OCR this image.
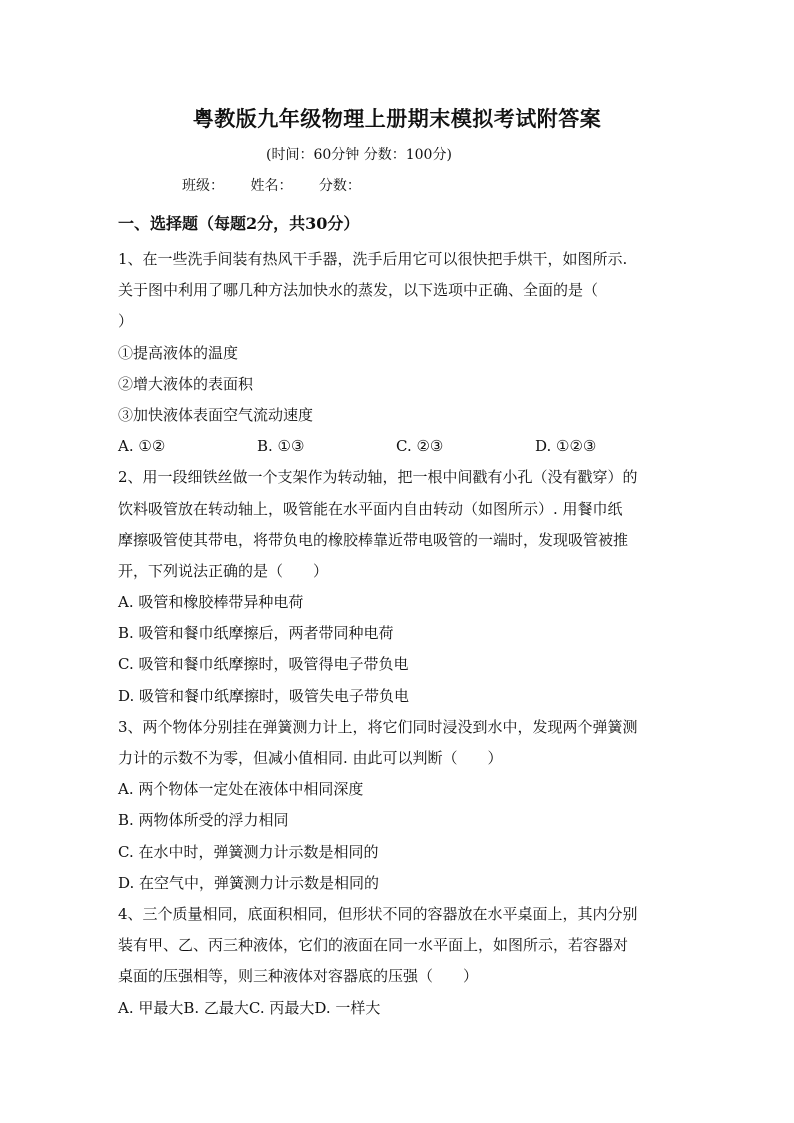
粤教版九年级物理上册期末模拟考试附答案
(时间：60分钟 分数：100分)
班级： 姓名： 分数：
一、选择题（每题2分，共30分）
1、在一些洗手间装有热风干手器，洗手后用它可以很快把手烘干，如图所示.
关于图中利用了哪几种方法加快水的蒸发，以下选项中正确、全面的是（
）
①提高液体的温度
②增大液体的表面积
③加快液体表面空气流动速度
A. ①②	B. ①③	C. ②③	D. ①②③
2、用一段细铁丝做一个支架作为转动轴，把一根中间戳有小孔（没有戳穿）的
饮料吸管放在转动轴上，吸管能在水平面内自由转动（如图所示）. 用餐巾纸
摩擦吸管使其带电，将带负电的橡胶棒靠近带电吸管的一端时，发现吸管被推
开，下列说法正确的是（　　）
A. 吸管和橡胶棒带异种电荷
B. 吸管和餐巾纸摩擦后，两者带同种电荷
C. 吸管和餐巾纸摩擦时，吸管得电子带负电
D. 吸管和餐巾纸摩擦时，吸管失电子带负电
3、两个物体分别挂在弹簧测力计上，将它们同时浸没到水中，发现两个弹簧测
力计的示数不为零，但减小值相同. 由此可以判断（　　）
A. 两个物体一定处在液体中相同深度
B. 两物体所受的浮力相同
C. 在水中时，弹簧测力计示数是相同的
D. 在空气中，弹簧测力计示数是相同的
4、三个质量相同，底面积相同，但形状不同的容器放在水平桌面上，其内分别
装有甲、乙、丙三种液体，它们的液面在同一水平面上，如图所示，若容器对
桌面的压强相等，则三种液体对容器底的压强（　　）
A. 甲最大B. 乙最大C. 丙最大D. 一样大
